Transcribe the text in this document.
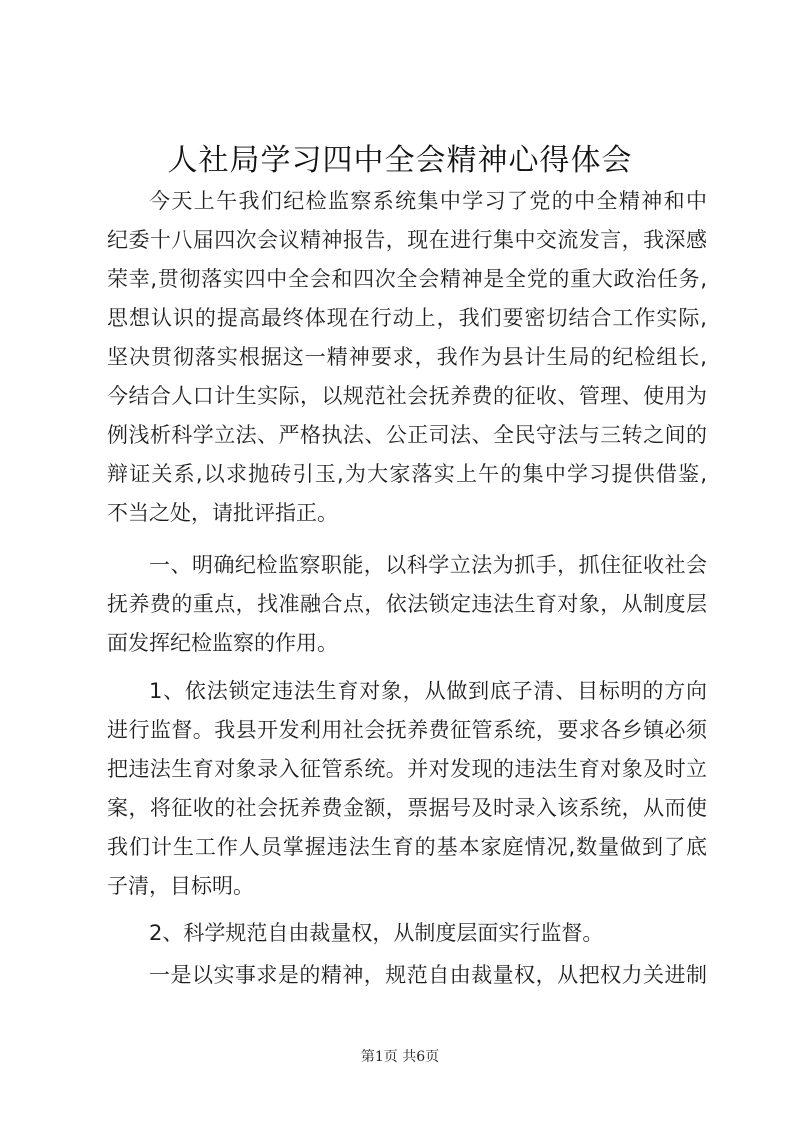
人社局学习四中全会精神心得体会
今天上午我们纪检监察系统集中学习了党的中全精神和中
纪委十八届四次会议精神报告，现在进行集中交流发言，我深感
荣幸,贯彻落实四中全会和四次全会精神是全党的重大政治任务,
思想认识的提高最终体现在行动上，我们要密切结合工作实际,
坚决贯彻落实根据这一精神要求，我作为县计生局的纪检组长,
今结合人口计生实际，以规范社会抚养费的征收、管理、使用为
例浅析科学立法、严格执法、公正司法、全民守法与三转之间的
辩证关系,以求抛砖引玉,为大家落实上午的集中学习提供借鉴,
不当之处，请批评指正。
一、明确纪检监察职能，以科学立法为抓手，抓住征收社会
抚养费的重点，找准融合点，依法锁定违法生育对象，从制度层
面发挥纪检监察的作用。
1、依法锁定违法生育对象，从做到底子清、目标明的方向
进行监督。我县开发利用社会抚养费征管系统，要求各乡镇必须
把违法生育对象录入征管系统。并对发现的违法生育对象及时立
案，将征收的社会抚养费金额，票据号及时录入该系统，从而使
我们计生工作人员掌握违法生育的基本家庭情况,数量做到了底
子清，目标明。
2、科学规范自由裁量权，从制度层面实行监督。
一是以实事求是的精神，规范自由裁量权，从把权力关进制
第1页 共6页
